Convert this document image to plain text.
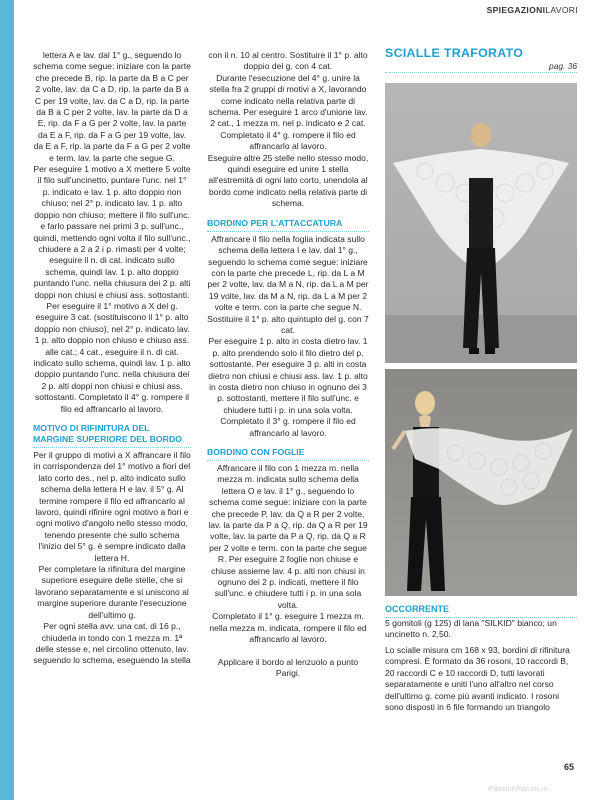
SPIEGAZIONILAVORI

lettera A e lav. dal 1° g., seguendo lo schema come segue: iniziare con la parte che precede B, rip. la parte da B a C per 2 volte, lav. da C a D, rip. la parte da B a C per 19 volte, lav. da C a D, rip. la parte da B a C per 2 volte, lav. la parte da D a E, rip. da F a G per 2 volte, lav. la parte da E a F, rip. da F a G per 19 volte, lav. da E a F, rip. la parte da F a G per 2 volte e term. lav. la parte che segue G.

Per eseguire 1 motivo a X mettere 5 volte il filo sull'uncinetto, puntare l'unc. nel 1° p. indicato e lav. 1 p. alto doppio non chiuso; nel 2° p. indicato lav. 1 p. alto doppio non chiuso; mettere il filo sull'unc. e farlo passare nei primi 3 p. sull'unc., quindi, mettendo ogni volta il filo sull'unc., chiudere a 2 a 2 i p. rimasti per 4 volte; eseguire il n. di cat. indicato sullo schema, quindi lav. 1 p. alto doppio puntando l'unc. nella chiusura dei 2 p. alti doppi non chiusi e chiusi ass. sottostanti. Per eseguire il 1° motivo a X del g. eseguire 3 cat. (sostituiscono il 1° p. alto doppio non chiuso), nel 2° p. indicato lav. 1 p. alto doppio non chiuso e chiuso ass. alle cat.; 4 cat., eseguire il n. di cat. indicato sullo schema, quindi lav. 1 p. alto doppio puntando l'unc. nella chiusura dei 2 p. alti doppi non chiusi e chiusi ass. sottostanti. Completato il 4° g. rompere il filo ed affrancarlo al lavoro.

MOTIVO DI RIFINITURA DEL
MARGINE SUPERIORE DEL BORDO

Per il gruppo di motivi a X affrancare il filo in corrispondenza del 1° motivo a fiori del lato corto des., nel p. alto indicato sullo schema della lettera H e lav. il 5° g. Al termine rompere il filo ed affrancarlo al lavoro, quindi rifinire ogni motivo a fiori e ogni motivo d'angolo nello stesso modo, tenendo presente che sullo schema l'inizio del 5° g. è sempre indicato dalla lettera H.

Per completare la rifinitura del margine superiore eseguire delle stelle, che si lavorano separatamente e si uniscono al margine superiore durante l'esecuzione dell'ultimo g.

Per ogni stella avv. una cat. di 16 p., chiuderla in tondo con 1 mezza m. 1ª delle stesse e, nel circolino ottenuto, lav. seguendo lo schema, eseguendo la stella

con il n. 10 al centro. Sostituire il 1° p. alto doppio del g. con 4 cat.

Durante l'esecuzione del 4° g. unire la stella fra 2 gruppi di motivi a X, lavorando come indicato nella relativa parte di schema. Per eseguire 1 arco d'unione lav. 2 cat., 1 mezza m. nel p. indicato e 2 cat. Completato il 4° g. rompere il filo ed affrancarlo al lavoro.

Eseguire altre 25 stelle nello stesso modo, quindi eseguire ed unire 1 stella all'estremità di ogni lato corto, unendola al bordo come indicato nella relativa parte di schema.

BORDINO PER L'ATTACCATURA

Affrancare il filo nella foglia indicata sullo schema della lettera I e lav. dal 1° g., seguendo lo schema come segue: iniziare con la parte che precede L, rip. da L a M per 2 volte, lav. da M a N, rip. da L a M per 19 volte, lav. da M a N, rip. da L a M per 2 volte e term. con la parte che segue N. Sostituire il 1° p. alto quintuplo del g. con 7 cat.

Per eseguire 1 p. alto in costa dietro lav. 1 p. alto prendendo solo il filo dietro del p. sottostante. Per eseguire 3 p. alti in costa dietro non chiusi e chiusi ass. lav. 1 p. alto in costa dietro non chiuso in ognuno dei 3 p. sottostanti, mettere il filo sull'unc. e chiudere tutti i p. in una sola volta. Completato il 3° g. rompere il filo ed affrancarlo al lavoro.

BORDINO CON FOGLIE

Affrancare il filo con 1 mezza m. nella mezza m. indicata sullo schema della lettera O e lav. il 1° g., seguendo lo schema come segue: iniziare con la parte che precede P, lav. da Q a R per 2 volte, lav. la parte da P a Q, rip. da Q a R per 19 volte, lav. la parte da P a Q, rip. da Q a R per 2 volte e term. con la parte che segue R. Per eseguire 2 foglie non chiuse e chiuse assieme lav. 4 p. alti non chiusi in ognuno dei 2 p. indicati, mettere il filo sull'unc. e chiudere tutti i p. in una sola volta.

Completato il 1° g. eseguire 1 mezza m. nella mezza m. indicata, rompere il filo ed affrancarlo al lavoro.

Applicare il bordo al lenzuolo a punto Parigi.

SCIALLE TRAFORATO
pag. 36
OCCORRENTE
5 gomitoli (g 125) di lana "SILKID" bianco; un uncinetto n. 2,50.

Lo scialle misura cm 168 x 93, bordini di rifinitura compresi. È formato da 36 rosoni, 10 raccordi B, 20 raccordi C e 10 raccordi D, tutti lavorati separatamente e uniti l'uno all'altro nel corso dell'ultimo g. come più avanti indicato. I rosoni sono disposti in 6 file formando un triangolo

65
PassionForum.ru
